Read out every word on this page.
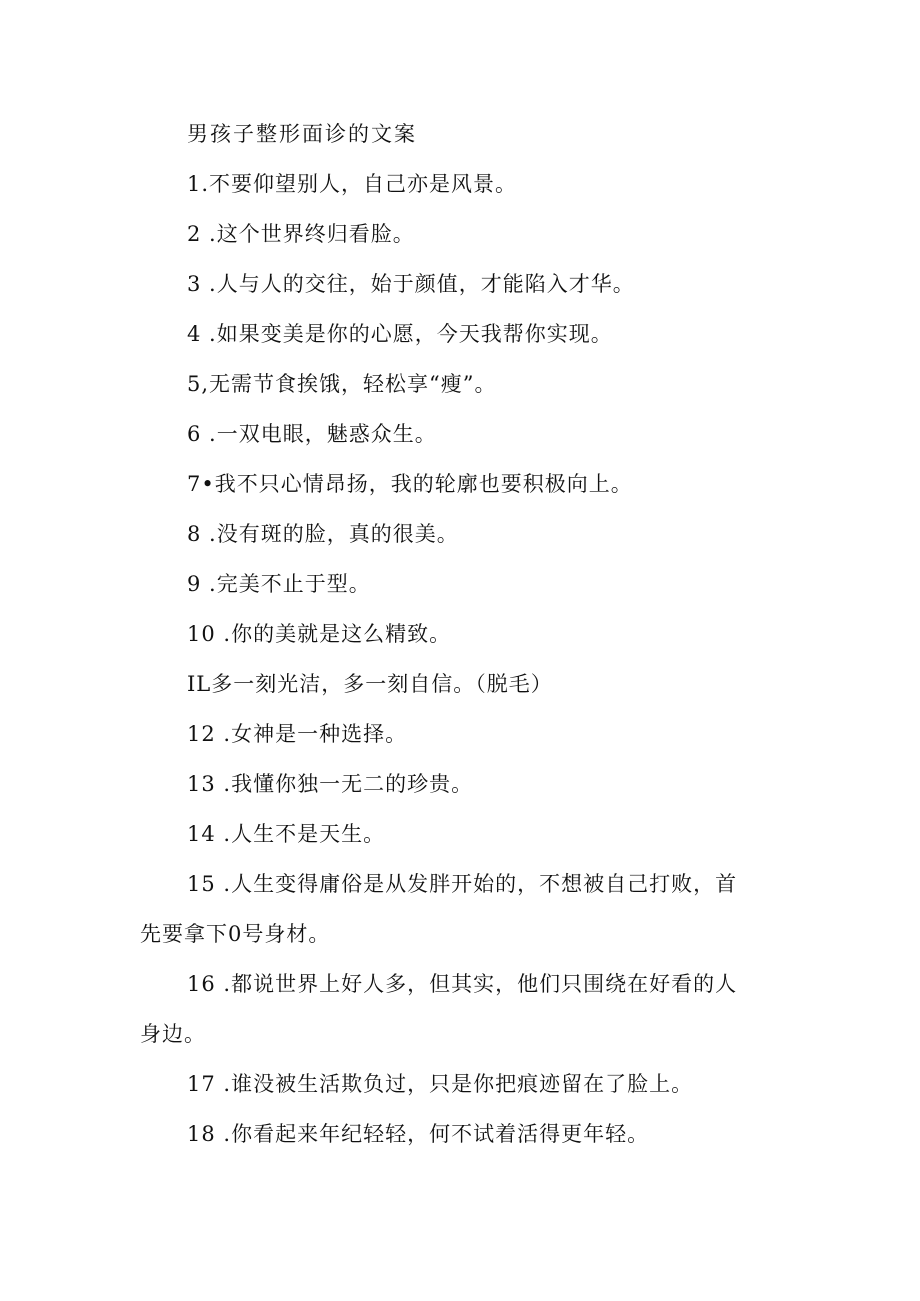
男孩子整形面诊的文案
1.不要仰望别人，自己亦是风景。
2 .这个世界终归看脸。
3 .人与人的交往，始于颜值，才能陷入才华。
4 .如果变美是你的心愿，今天我帮你实现。
5,无需节食挨饿，轻松享“瘦”。
6 .一双电眼，魅惑众生。
7•我不只心情昂扬，我的轮廓也要积极向上。
8 .没有斑的脸，真的很美。
9 .完美不止于型。
10 .你的美就是这么精致。
IL多一刻光洁，多一刻自信。（脱毛）
12 .女神是一种选择。
13 .我懂你独一无二的珍贵。
14 .人生不是天生。
15 .人生变得庸俗是从发胖开始的，不想被自己打败，首
先要拿下0号身材。
16 .都说世界上好人多，但其实，他们只围绕在好看的人
身边。
17 .谁没被生活欺负过，只是你把痕迹留在了脸上。
18 .你看起来年纪轻轻，何不试着活得更年轻。
